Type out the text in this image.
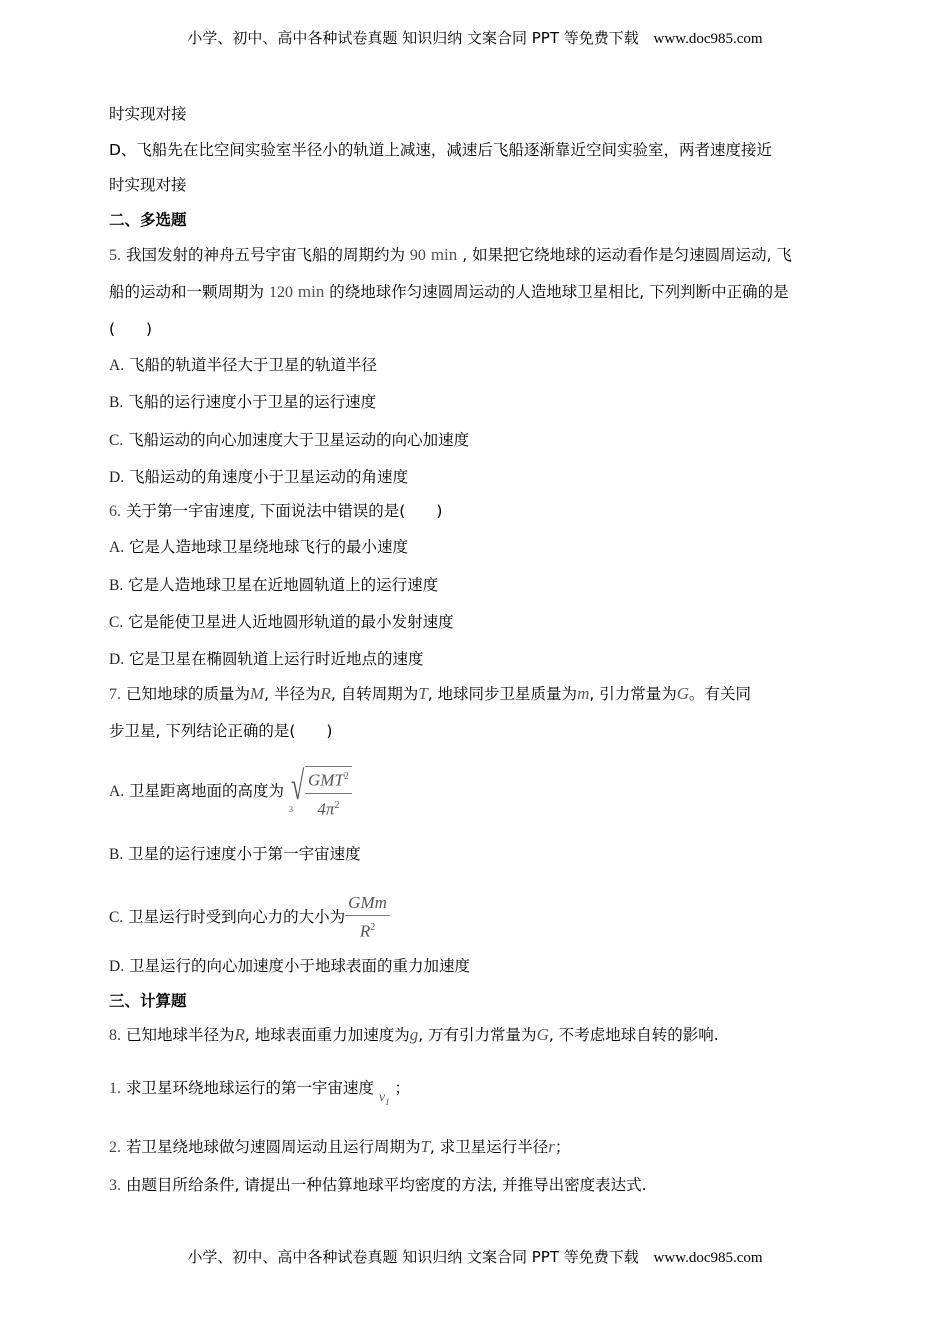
小学、初中、高中各种试卷真题 知识归纳 文案合同 PPT 等免费下载 www.doc985.com
时实现对接
D、飞船先在比空间实验室半径小的轨道上减速，减速后飞船逐渐靠近空间实验室，两者速度接近
时实现对接
二、多选题
5. 我国发射的神舟五号宇宙飞船的周期约为 90 min , 如果把它绕地球的运动看作是匀速圆周运动, 飞
船的运动和一颗周期为 120 min 的绕地球作匀速圆周运动的人造地球卫星相比, 下列判断中正确的是
(　　)
A. 飞船的轨道半径大于卫星的轨道半径
B. 飞船的运行速度小于卫星的运行速度
C. 飞船运动的向心加速度大于卫星运动的向心加速度
D. 飞船运动的角速度小于卫星运动的角速度
6. 关于第一宇宙速度, 下面说法中错误的是(　　)
A. 它是人造地球卫星绕地球飞行的最小速度
B. 它是人造地球卫星在近地圆轨道上的运行速度
C. 它是能使卫星进人近地圆形轨道的最小发射速度
D. 它是卫星在椭圆轨道上运行时近地点的速度
7. 已知地球的质量为M, 半径为R, 自转周期为T, 地球同步卫星质量为m, 引力常量为G。有关同
步卫星, 下列结论正确的是(　　)
A. 卫星距离地面的高度为
3
√ $\frac{GMT^2}{4\pi^2}$
B. 卫星的运行速度小于第一宇宙速度
C. 卫星运行时受到向心力的大小为 $\frac{\text{GMm}}{R^2}$
D. 卫星运行的向心加速度小于地球表面的重力加速度
三、计算题
8. 已知地球半径为R, 地球表面重力加速度为g, 万有引力常量为G, 不考虑地球自转的影响.
1. 求卫星环绕地球运行的第一宇宙速度 $v_1$ ；
2. 若卫星绕地球做匀速圆周运动且运行周期为T, 求卫星运行半径r；
3. 由题目所给条件, 请提出一种估算地球平均密度的方法, 并推导出密度表达式.
小学、初中、高中各种试卷真题 知识归纳 文案合同 PPT 等免费下载 www.doc985.com
